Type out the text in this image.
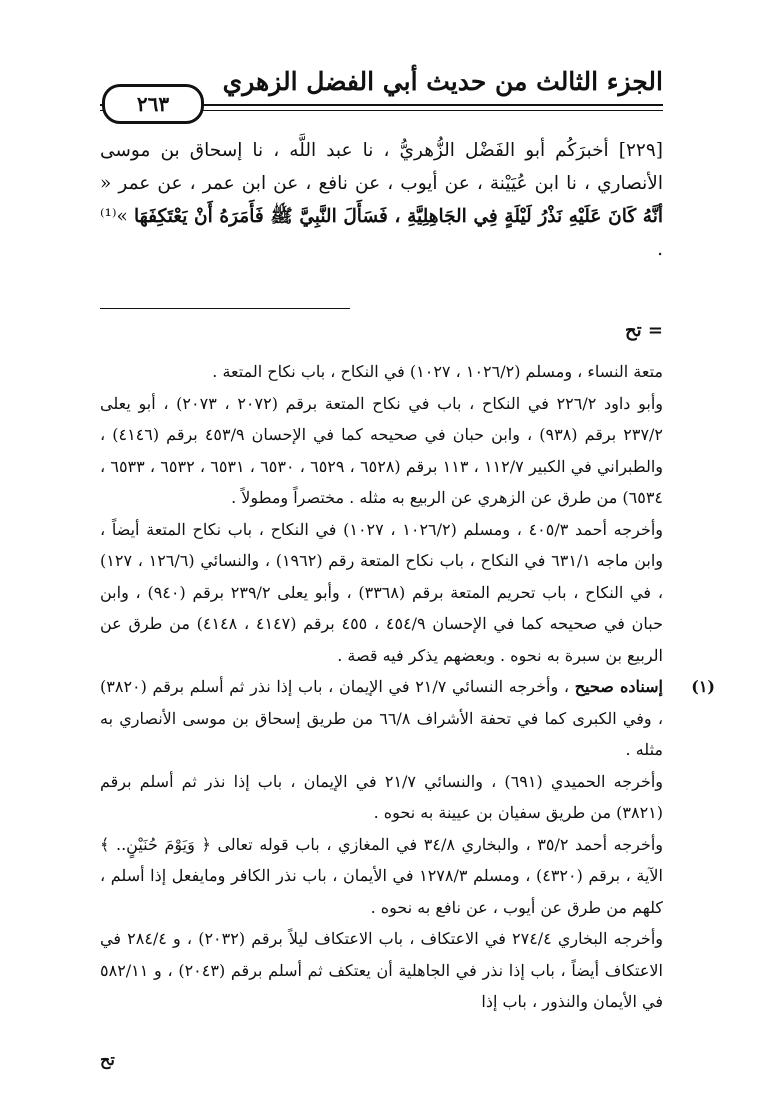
الجزء الثالث من حديث أبي الفضل الزهري
٢٦٣
[٢٢٩] أخبرَكُم أبو الفَضْل الزُّهريُّ ، نا عبد اللَّه ، نا إسحاق بن موسى الأنصاري ، نا ابن عُيَيْنة ، عن أيوب ، عن نافع ، عن ابن عمر ، عن عمر « أنَّهُ كَانَ عَلَيْهِ نَذْرُ لَيْلَةٍ فِي الجَاهِلِيَّةِ ، فَسَأَلَ النَّبِيَّ ﷺ فَأَمَرَهُ أَنْ يَعْتَكِفَهَا »⁽¹⁾ .
= تح

متعة النساء ، ومسلم (١٠٢٦/٢ ، ١٠٢٧) في النكاح ، باب نكاح المتعة .

وأبو داود ٢٢٦/٢ في النكاح ، باب في نكاح المتعة برقم (٢٠٧٢ ، ٢٠٧٣) ، أبو يعلى ٢٣٧/٢ برقم (٩٣٨) ، وابن حبان في صحيحه كما في الإحسان ٤٥٣/٩ برقم (٤١٤٦) ، والطبراني في الكبير ١١٢/٧ ، ١١٣ برقم (٦٥٢٨ ، ٦٥٢٩ ، ٦٥٣٠ ، ٦٥٣١ ، ٦٥٣٢ ، ٦٥٣٣ ، ٦٥٣٤) من طرق عن الزهري عن الربيع به مثله . مختصراً ومطولاً .

وأخرجه أحمد ٤٠٥/٣ ، ومسلم (١٠٢٦/٢ ، ١٠٢٧) في النكاح ، باب نكاح المتعة أيضاً ، وابن ماجه ٦٣١/١ في النكاح ، باب نكاح المتعة رقم (١٩٦٢) ، والنسائي (١٢٦/٦ ، ١٢٧) ، في النكاح ، باب تحريم المتعة برقم (٣٣٦٨) ، وأبو يعلى ٢٣٩/٢ برقم (٩٤٠) ، وابن حبان في صحيحه كما في الإحسان ٤٥٤/٩ ، ٤٥٥ برقم (٤١٤٧ ، ٤١٤٨) من طرق عن الربيع بن سبرة به نحوه . وبعضهم يذكر فيه قصة .

(١)

إسناده صحيح ، وأخرجه النسائي ٢١/٧ في الإيمان ، باب إذا نذر ثم أسلم برقم (٣٨٢٠) ، وفي الكبرى كما في تحفة الأشراف ٦٦/٨ من طريق إسحاق بن موسى الأنصاري به مثله .

وأخرجه الحميدي (٦٩١) ، والنسائي ٢١/٧ في الإيمان ، باب إذا نذر ثم أسلم برقم (٣٨٢١) من طريق سفيان بن عيينة به نحوه .

وأخرجه أحمد ٣٥/٢ ، والبخاري ٣٤/٨ في المغازي ، باب قوله تعالى ﴿ وَيَوْمَ حُنَيْنٍ.. ﴾ الآية ، برقم (٤٣٢٠) ، ومسلم ١٢٧٨/٣ في الأيمان ، باب نذر الكافر ومايفعل إذا أسلم ، كلهم من طرق عن أيوب ، عن نافع به نحوه .

وأخرجه البخاري ٢٧٤/٤ في الاعتكاف ، باب الاعتكاف ليلاً برقم (٢٠٣٢) ، و ٢٨٤/٤ في الاعتكاف أيضاً ، باب إذا نذر في الجاهلية أن يعتكف ثم أسلم برقم (٢٠٤٣) ، و ٥٨٢/١١ في الأيمان والنذور ، باب إذا

تح
